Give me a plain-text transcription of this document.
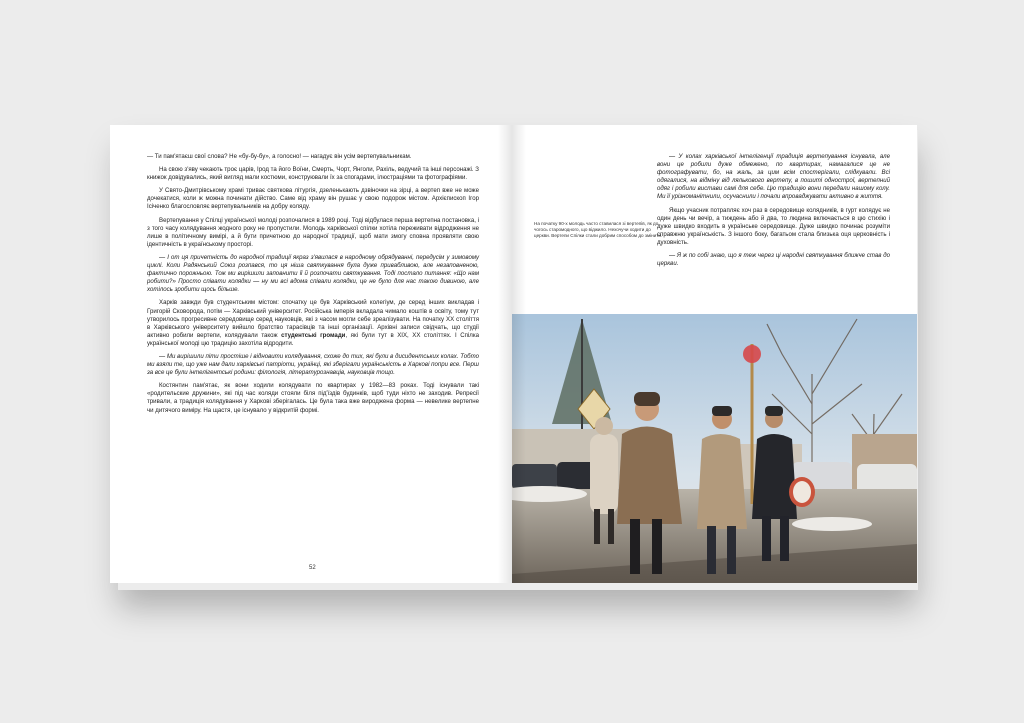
— Ти пам'ятаєш свої слова? Не «бу-бу-бу», а голосно! — нагадує він усім вертепувальникам.

На свою з'яву чекають троє царів, Ірод та його Воїни, Смерть, Чорт, Янголи, Рахіль, ведучий та інші персонажі. З книжок довідувались, який вигляд мали костюми, конструювали їх за спогадами, ілюстраціями та фотографіями.

У Свято-Дмитрівському храмі триває святкова літургія, дзеленькають дзвіночки на зірці, а вертеп вже не може дочекатися, коли ж можна починати дійство. Саме від храму він рушає у свою подорож містом. Архієпископ Ігор Ісіченко благословляє вертепувальників на добру коляду.

Вертепування у Спілці української молоді розпочалися в 1989 році. Тоді відбулася перша вертепна постановка, і з того часу колядування жодного року не пропустили. Молодь харківської спілки хотіла переживати відродження не лише в політичному вимірі, а й бути причетною до народної традиції, щоб мати змогу сповна проявляти свою ідентичність в українському просторі.

— І от ця причетність до народної традиції якраз з'явилася в народному обрядуванні, передусім у зимовому циклі. Коли Радянський Союз розпався, то ця ніша святкування була дуже привабливою, але незаповненою, фактично порожньою. Тож ми вирішили заповнити її й розпочати святкування. Тоді постало питання: «Що нам робити?» Просто співати колядки — ну ми всі вдома співали колядки, це не було для нас такою дивиною, але хотілось зробити щось більше.

Харків завжди був студентським містом: спочатку це був Харківський колегіум, де серед інших викладав і Григорій Сковорода, потім — Харківський університет. Російська імперія вкладала чимало коштів в освіту, тому тут утворилось прогресивне середовище серед науковців, які з часом могли себе зреалізувати. На початку ХХ століття в Харківського університету вийшло братство тарасівців та інші організації. Архівні записи свідчать, що студії активно робили вертепи, колядували також студентські громади, які були тут в ХІХ, ХХ століттях. І Спілка української молоді цю традицію захотіла відродити.

— Ми вирішили піти простіше і відновити колядування, схоже до тих, які були в дисидентських колах. Тобто ми взяли те, що уже нам дали харківські патріоти, українці, які зберігали українськість в Харкові попри все. Перш за все це були інтелігентські родини: філологія, літературознавців, науковців тощо.

Костянтин пам'ятає, як вони ходили колядувати по квартирах у 1982—83 роках. Тоді існували такі «родительские дружини», які під час коляди стояли біля під'їздів будинків, щоб туди ніхто не заходив. Репресії тривали, а традиція колядування у Харкові зберігалась. Це була така вже вироджена форма — невелике вертепне чи дитячого виміру. На щастя, це існувало у відкритій формі.

52
На початку 90-х молодь часто ставилася зі вертепів, як до чогось старомодного, що віджило. Нехочучи ходити до церкви. Вертепи Спілки стали добрим способом до змінити.

— У колах харківської інтелігенції традиція вертепування існувала, але вони це робили дуже обмежено, по квартирах, намагалися це не фотографувати, бо, на жаль, за цим всім спостерігали, слідкували. Всі одягалися, на відміну від лялькового вертепу, в пошиті однострої, вертепний одяг і робили вистави самі для себе. Цю традицію вони передали нашому колу. Ми її урізноманітнили, осучаснили і почали впроваджувати активно в життя.

Якщо учасник потрапляє хоч раз в середовище колядників, в гурт колядує не один день чи вечір, а тиждень або й два, то людина включається в цю стихію і дуже швидко входить в українське середовище. Дуже швидко починає розуміти справжню українськість. З іншого боку, багатьом стала близька оця церковність і духовність.

— Я ж по собі знаю, що я теж через ці народні святкування ближче став до церкви.
